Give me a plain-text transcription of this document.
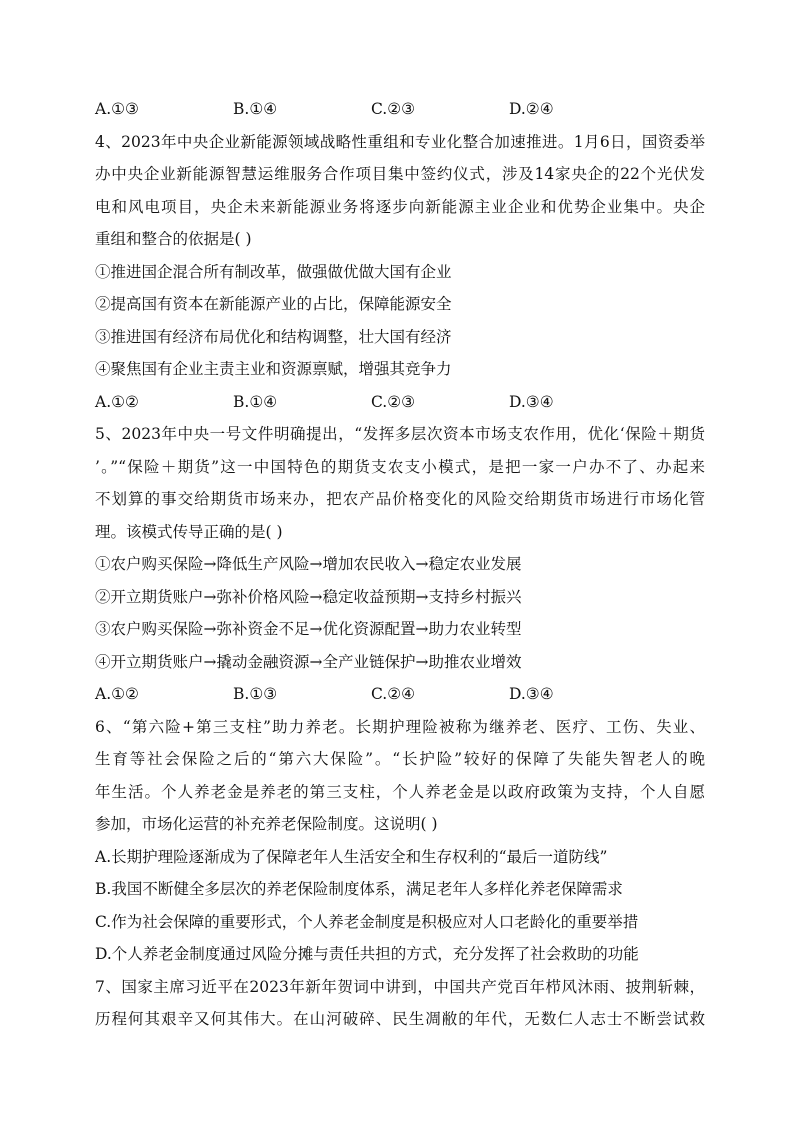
A.①③	B.①④	C.②③	D.②④
4、2023年中央企业新能源领域战略性重组和专业化整合加速推进。1月6日，国资委举
办中央企业新能源智慧运维服务合作项目集中签约仪式，涉及14家央企的22个光伏发
电和风电项目，央企未来新能源业务将逐步向新能源主业企业和优势企业集中。央企
重组和整合的依据是( )
①推进国企混合所有制改革，做强做优做大国有企业
②提高国有资本在新能源产业的占比，保障能源安全
③推进国有经济布局优化和结构调整，壮大国有经济
④聚焦国有企业主责主业和资源禀赋，增强其竞争力
A.①②	B.①④	C.②③	D.③④
5、2023年中央一号文件明确提出，“发挥多层次资本市场支农作用，优化‘保险＋期货
’。”“保险＋期货”这一中国特色的期货支农支小模式，是把一家一户办不了、办起来
不划算的事交给期货市场来办，把农产品价格变化的风险交给期货市场进行市场化管
理。该模式传导正确的是( )
①农户购买保险→降低生产风险→增加农民收入→稳定农业发展
②开立期货账户→弥补价格风险→稳定收益预期→支持乡村振兴
③农户购买保险→弥补资金不足→优化资源配置→助力农业转型
④开立期货账户→撬动金融资源→全产业链保护→助推农业增效
A.①②	B.①③	C.②④	D.③④
6、“第六险+第三支柱”助力养老。长期护理险被称为继养老、医疗、工伤、失业、
生育等社会保险之后的“第六大保险”。“长护险”较好的保障了失能失智老人的晚
年生活。个人养老金是养老的第三支柱，个人养老金是以政府政策为支持，个人自愿
参加，市场化运营的补充养老保险制度。这说明( )
A.长期护理险逐渐成为了保障老年人生活安全和生存权利的“最后一道防线”
B.我国不断健全多层次的养老保险制度体系，满足老年人多样化养老保障需求
C.作为社会保障的重要形式，个人养老金制度是积极应对人口老龄化的重要举措
D.个人养老金制度通过风险分摊与责任共担的方式，充分发挥了社会救助的功能
7、国家主席习近平在2023年新年贺词中讲到，中国共产党百年栉风沐雨、披荆斩棘，
历程何其艰辛又何其伟大。在山河破碎、民生凋敝的年代，无数仁人志士不断尝试救
